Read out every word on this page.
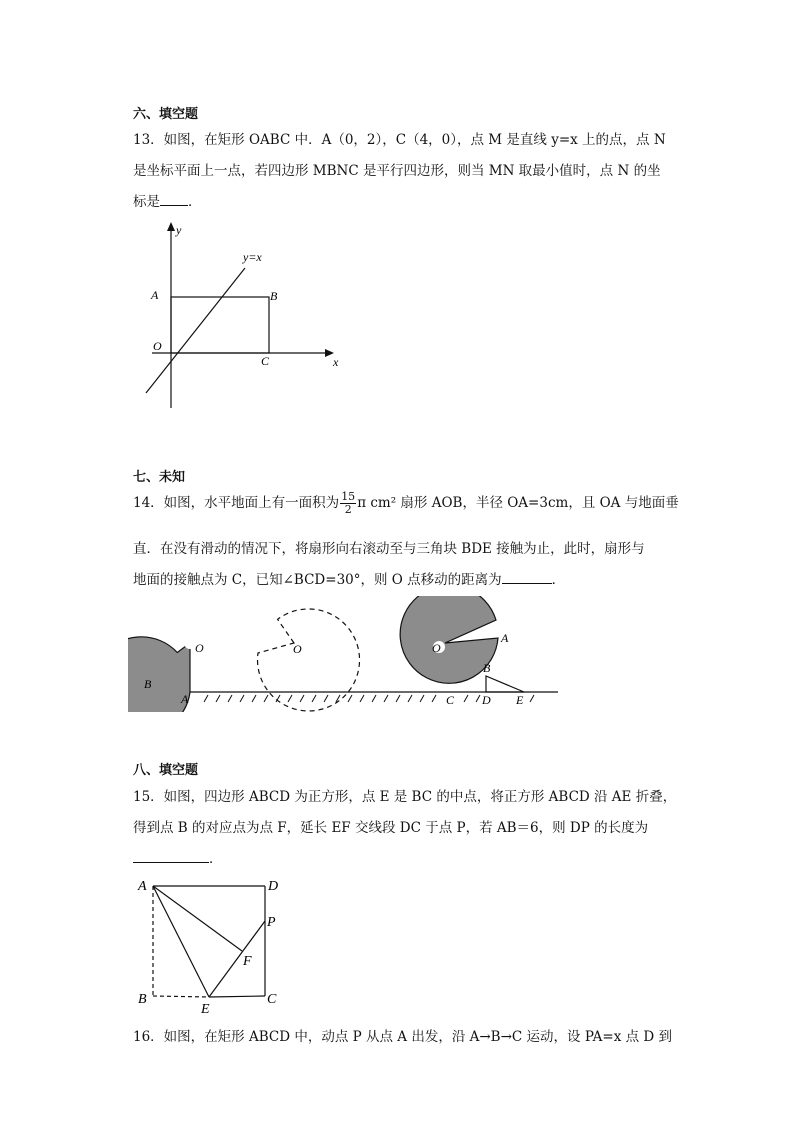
六、填空题
13．如图，在矩形 OABC 中．A（0，2），C（4，0），点 M 是直线 y=x 上的点，点 N
是坐标平面上一点，若四边形 MBNC 是平行四边形，则当 MN 取最小值时，点 N 的坐
标是 ．
y
x
y=x
A	B
O
C
七、未知
14．如图，水平地面上有一面积为 $\frac{15}{2}$ π cm² 扇形 AOB，半径 OA=3cm，且 OA 与地面垂
直．在没有滑动的情况下，将扇形向右滚动至与三角块 BDE 接触为止，此时，扇形与
地面的接触点为 C，已知∠BCD=30°，则 O 点移动的距离为	．
O
B
A
O	O
A
B
C D E
八、填空题
15．如图，四边形 ABCD 为正方形，点 E 是 BC 的中点，将正方形 ABCD 沿 AE 折叠，
得到点 B 的对应点为点 F，延长 EF 交线段 DC 于点 P，若 AB＝6，则 DP 的长度为
．
A	D
P
F
B
E
C
16．如图，在矩形 ABCD 中，动点 P 从点 A 出发，沿 A→B→C 运动，设 PA=x 点 D 到
